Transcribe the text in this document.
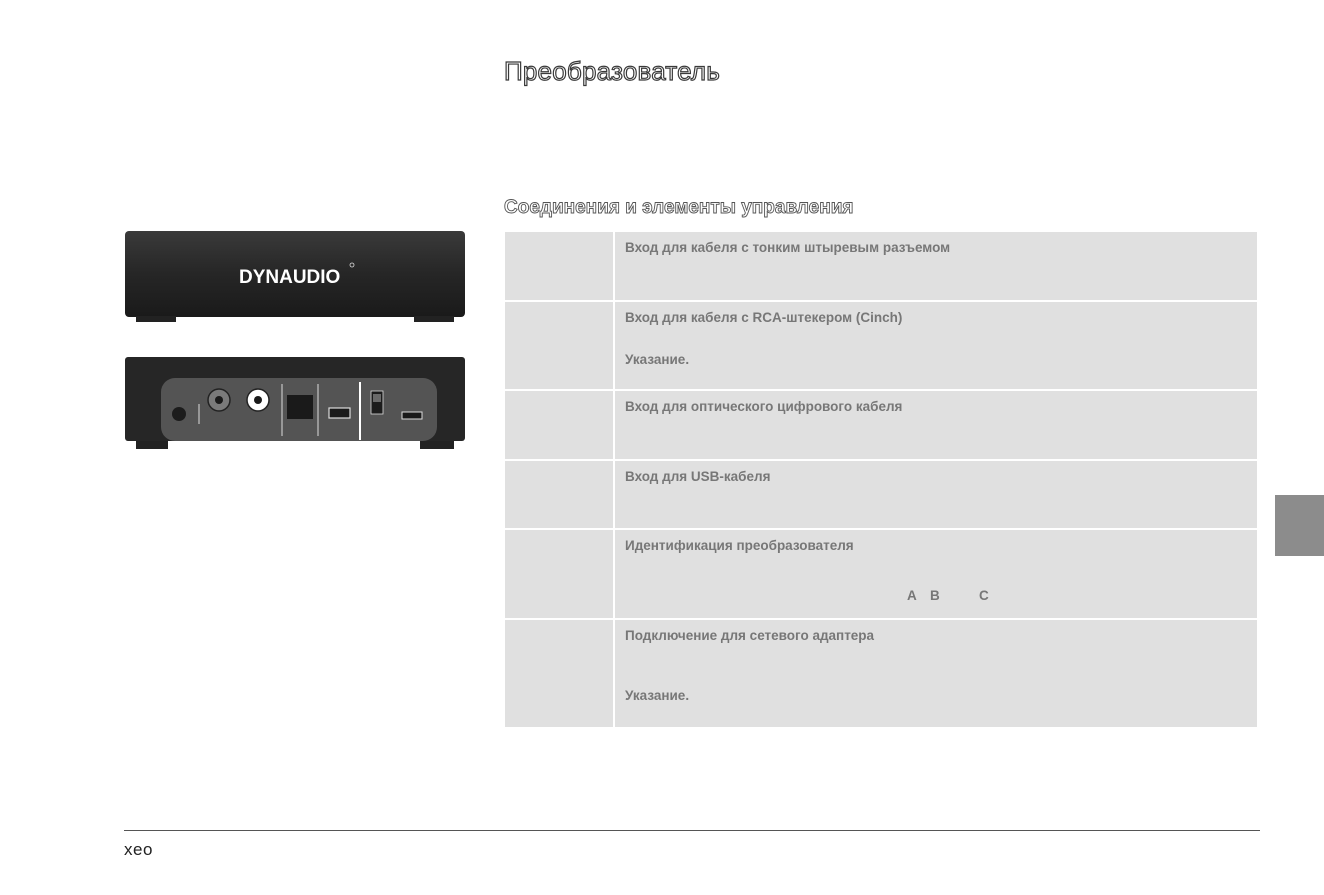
Преобразователь
DYNAUDIO
Соединения и элементы управления

	Вход для кабеля с тонким штыревым разъемом

	Вход для кабеля с RCA-штекером (Cinch)
Указание.

	Вход для оптического цифрового кабеля

	Вход для USB-кабеля

	Идентификация преобразователя
A B C

	Подключение для сетевого адаптера
Указание.
xeo
